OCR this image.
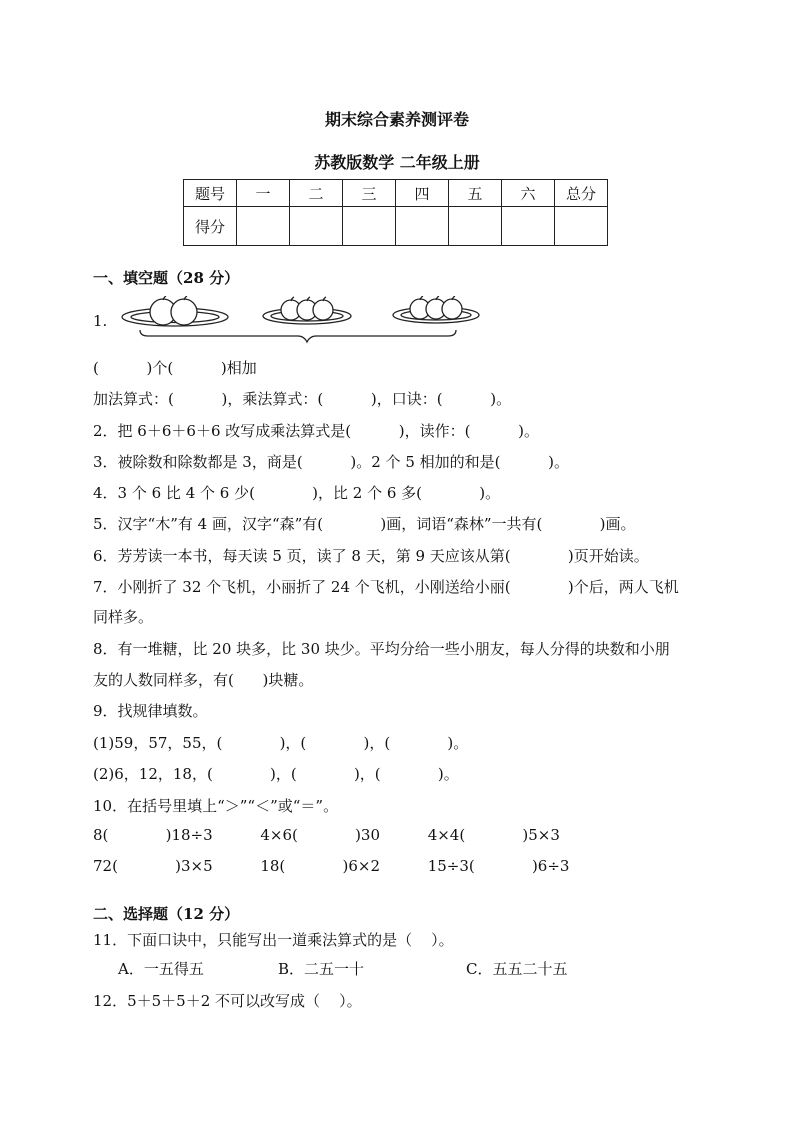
期末综合素养测评卷
苏教版数学 二年级上册
题号	一	二	三	四	五	六	总分
得分							
一、填空题（28 分）
1.
(          )个(          )相加
加法算式：(          )，乘法算式：(          )，口诀：(          )。
2．把 6＋6＋6＋6 改写成乘法算式是(          )，读作：(          )。
3．被除数和除数都是 3，商是(          )。2 个 5 相加的和是(          )。
4．3 个 6 比 4 个 6 少(            )，比 2 个 6 多(            )。
5．汉字“木”有 4 画，汉字“森”有(            )画，词语“森林”一共有(            )画。
6．芳芳读一本书，每天读 5 页，读了 8 天，第 9 天应该从第(            )页开始读。
7．小刚折了 32 个飞机，小丽折了 24 个飞机，小刚送给小丽(            )个后，两人飞机
同样多。
8．有一堆糖，比 20 块多，比 30 块少。平均分给一些小朋友，每人分得的块数和小朋
友的人数同样多，有(      )块糖。
9．找规律填数。
(1)59，57，55，(            )，(            )，(            )。
(2)6，12，18，(            )，(            )，(            )。
10．在括号里填上“＞”“＜”或“＝”。
8(            )18÷3          4×6(            )30          4×4(            )5×3
72(            )3×5          18(            )6×2          15÷3(            )6÷3
二、选择题（12 分）
11．下面口诀中，只能写出一道乘法算式的是（    ）。
A．一五得五	B．二五一十	C．五五二十五
12．5＋5＋5＋2 不可以改写成（    ）。
